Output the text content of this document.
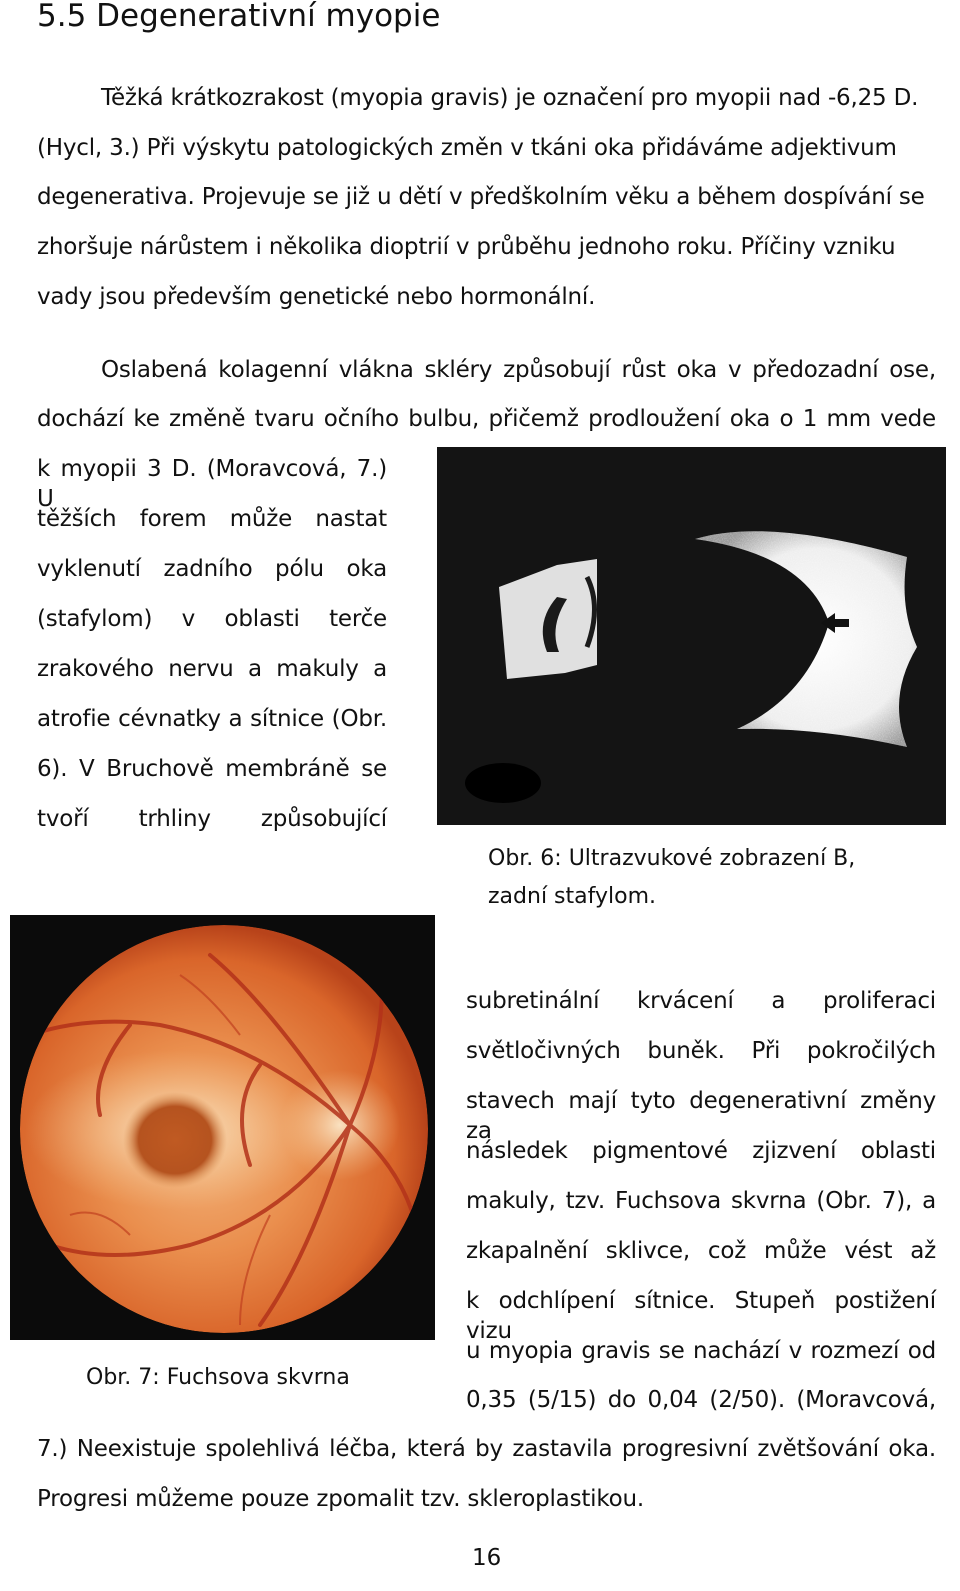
5.5 Degenerativní myopie
Těžká krátkozrakost (myopia gravis) je označení pro myopii nad -6,25 D.
(Hycl, 3.) Při výskytu patologických změn v tkáni oka přidáváme adjektivum
degenerativa. Projevuje se již u dětí v předškolním věku a během dospívání se
zhoršuje nárůstem i několika dioptrií v průběhu jednoho roku. Příčiny vzniku
vady jsou především genetické nebo hormonální.
Oslabená kolagenní vlákna skléry způsobují růst oka v předozadní ose,
dochází ke změně tvaru očního bulbu, přičemž prodloužení oka o 1 mm vede
k myopii 3 D. (Moravcová, 7.) U
těžších forem může nastat
vyklenutí zadního pólu oka
(stafylom) v oblasti terče
zrakového nervu a makuly a
atrofie cévnatky a sítnice (Obr.
6). V Bruchově membráně se
tvoří trhliny způsobující
Obr. 6: Ultrazvukové zobrazení B,
zadní stafylom.
Obr. 7: Fuchsova skvrna
subretinální krvácení a proliferaci
světločivných buněk. Při pokročilých
stavech mají tyto degenerativní změny za
následek pigmentové zjizvení oblasti
makuly, tzv. Fuchsova skvrna (Obr. 7), a
zkapalnění sklivce, což může vést až
k odchlípení sítnice. Stupeň postižení vizu
u myopia gravis se nachází v rozmezí od
0,35 (5/15) do 0,04 (2/50). (Moravcová,
7.) Neexistuje spolehlivá léčba, která by zastavila progresivní zvětšování oka.
Progresi můžeme pouze zpomalit tzv. skleroplastikou.
16
